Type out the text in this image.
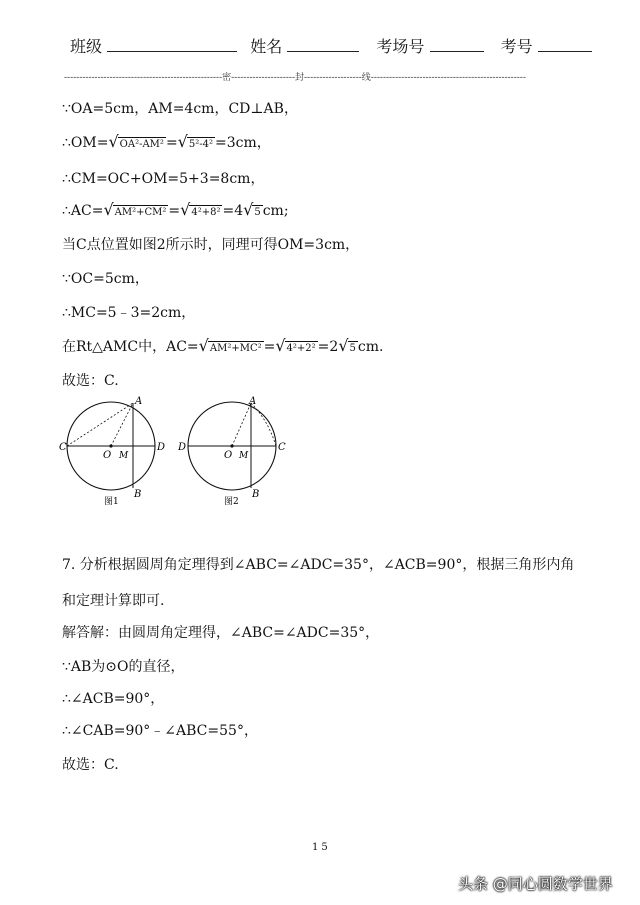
班级	姓名	考场号	考号
----------------------------------------------------密---------------------封-------------------线---------------------------------------------------
∵OA=5cm，AM=4cm，CD⊥AB，
∴OM=√OA²-AM² =√5²-4² =3cm，
∴CM=OC+OM=5+3=8cm，
∴AC=√AM²+CM² =√4²+8² =4√5 cm;
当C点位置如图2所示时，同理可得OM=3cm，
∵OC=5cm，
∴MC=5﹣3=2cm，
在Rt△AMC中，AC=√AM²+MC² =√4²+2² =2√5 cm.
故选：C.
A
B
C	D
O M
图1
A
B
C
D
O M
图2
7. 分析根据圆周角定理得到∠ABC=∠ADC=35°，∠ACB=90°，根据三角形内角
和定理计算即可.
解答解：由圆周角定理得，∠ABC=∠ADC=35°，
∵AB为⊙O的直径，
∴∠ACB=90°，
∴∠CAB=90°﹣∠ABC=55°，
故选：C.
15
头条 @同心圆数学世界
